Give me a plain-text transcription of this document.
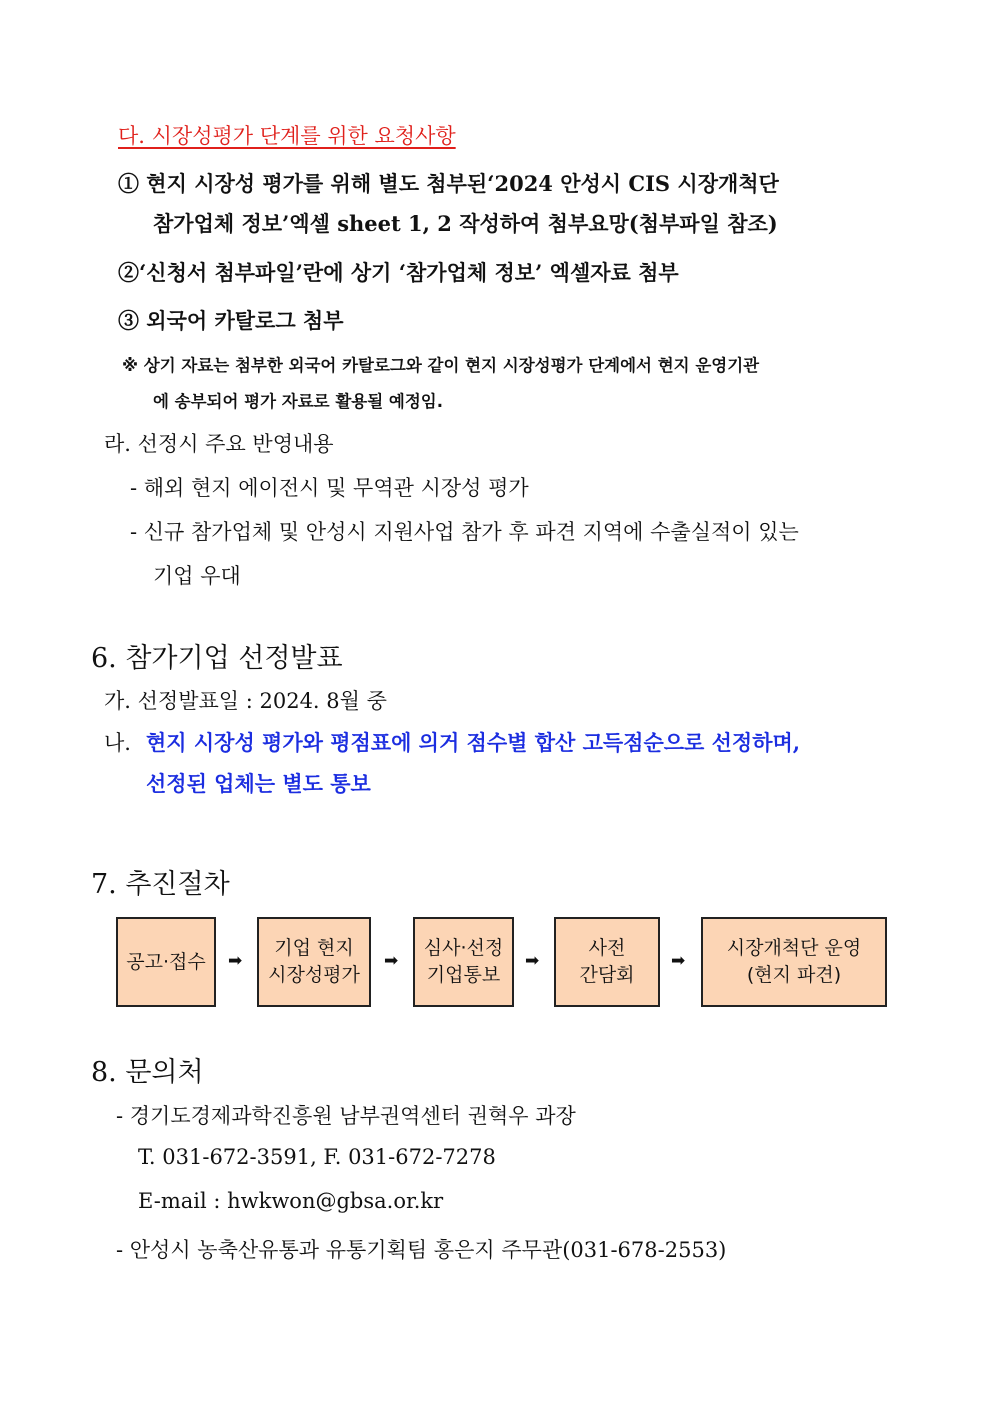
다. 시장성평가 단계를 위한 요청사항
① 현지 시장성 평가를 위해 별도 첨부된‘2024 안성시 CIS 시장개척단
참가업체 정보’엑셀 sheet 1, 2 작성하여 첨부요망(첨부파일 참조)
②‘신청서 첨부파일’란에 상기 ‘참가업체 정보’ 엑셀자료 첨부
③ 외국어 카탈로그 첨부
※ 상기 자료는 첨부한 외국어 카탈로그와 같이 현지 시장성평가 단계에서 현지 운영기관
에 송부되어 평가 자료로 활용될 예정임.
라. 선정시 주요 반영내용
- 해외 현지 에이전시 및 무역관 시장성 평가
- 신규 참가업체 및 안성시 지원사업 참가 후 파견 지역에 수출실적이 있는
기업 우대
6. 참가기업 선정발표
가. 선정발표일 : 2024. 8월 중
나. 현지 시장성 평가와 평점표에 의거 점수별 합산 고득점순으로 선정하며,
선정된 업체는 별도 통보
7. 추진절차
공고·접수 ➡
기업 현지
시장성평가
➡
심사·선정
기업통보
➡
사전
간담회
➡
시장개척단 운영
(현지 파견)
8. 문의처
- 경기도경제과학진흥원 남부권역센터 권혁우 과장
T. 031-672-3591, F. 031-672-7278
E-mail : hwkwon@gbsa.or.kr
- 안성시 농축산유통과 유통기획팀 홍은지 주무관(031-678-2553)
